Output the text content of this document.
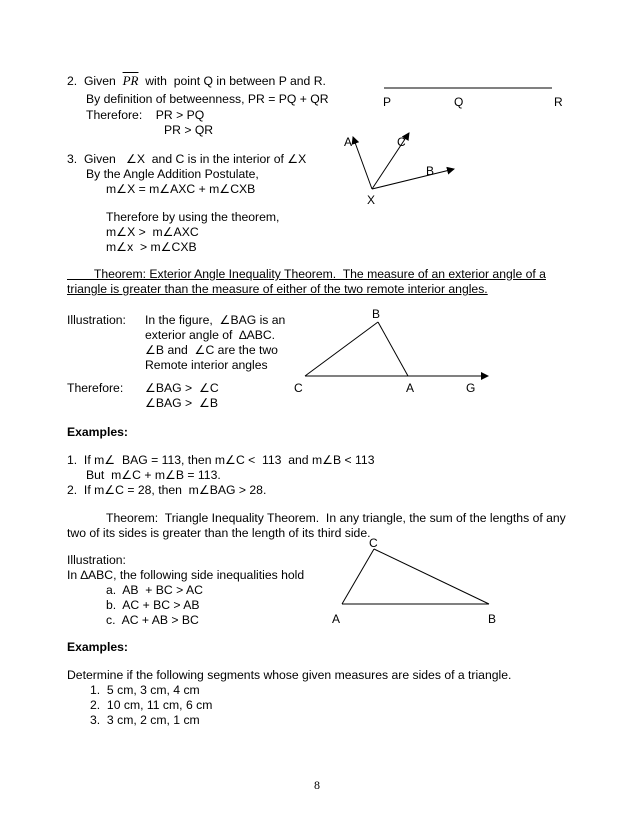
2. Given $\overline{PR}$ with  point Q in between P and R.
By definition of betweenness, PR = PQ + QR
Therefore:    PR > PQ
PR > QR
3. Given   ∠X  and C is in the interior of ∠X
By the Angle Addition Postulate,
m∠X = m∠AXC + m∠CXB
Therefore by using the theorem,
m∠X >  m∠AXC
m∠x  > m∠CXB
Theorem: Exterior Angle Inequality Theorem.  The measure of an exterior angle of a
triangle is greater than the measure of either of the two remote interior angles.
Illustration: In the figure,  ∠BAG is an
exterior angle of  ∆ABC.
∠B and  ∠C are the two
Remote interior angles
Therefore: ∠BAG >  ∠C
∠BAG >  ∠B
Examples:
1.  If m∠  BAG = 113, then m∠C <  113  and m∠B < 113
But  m∠C + m∠B = 113.
2.  If m∠C = 28, then  m∠BAG > 28.
Theorem:  Triangle Inequality Theorem.  In any triangle, the sum of the lengths of any
two of its sides is greater than the length of its third side.
Illustration:
In ∆ABC, the following side inequalities hold
a.  AB  + BC > AC
b.  AC + BC > AB
c.  AC + AB > BC
Examples:
Determine if the following segments whose given measures are sides of a triangle.
1.  5 cm, 3 cm, 4 cm
2.  10 cm, 11 cm, 6 cm
3.  3 cm, 2 cm, 1 cm
8
P	Q	R
A	C
B
X
B
C	A	G
C
A	B
